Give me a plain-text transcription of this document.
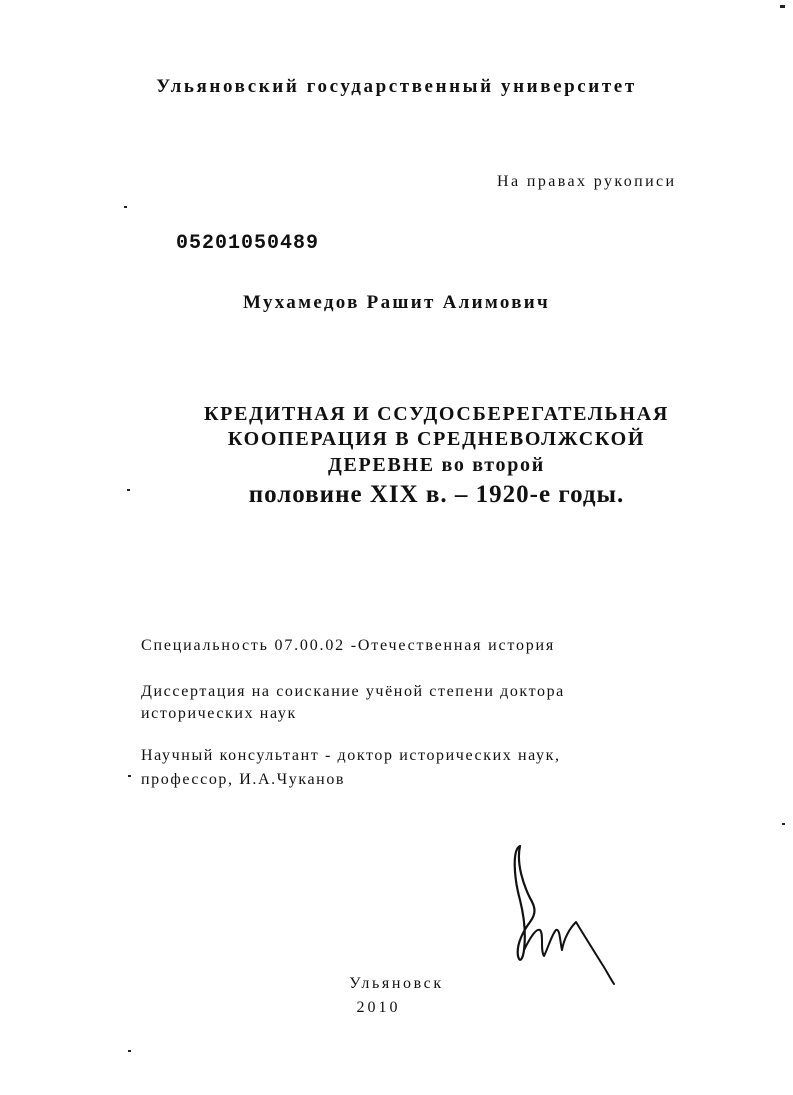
Ульяновский государственный университет
На правах рукописи
05201050489
Мухамедов Рашит Алимович
КРЕДИТНАЯ И ССУДОСБЕРЕГАТЕЛЬНАЯ
КООПЕРАЦИЯ В СРЕДНЕВОЛЖСКОЙ
ДЕРЕВНЕ во второй
половине XIX в. – 1920-е годы.
Специальность 07.00.02 -Отечественная история
Диссертация на соискание учёной степени доктора
исторических наук
Научный консультант - доктор исторических наук,
профессор, И.А.Чуканов
Ульяновск
2010
